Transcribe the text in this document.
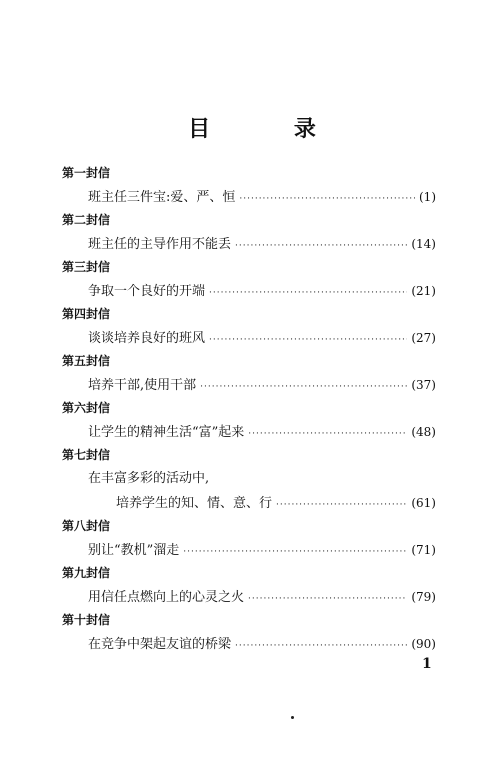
目 录
第一封信
班主任三件宝:爱、严、恒 ·····	(1)
第二封信
班主任的主导作用不能丢 ·····	(14)
第三封信
争取一个良好的开端 ·····	(21)
第四封信
谈谈培养良好的班风 ·····	(27)
第五封信
培养干部,使用干部 ·····	(37)
第六封信
让学生的精神生活“富”起来 ·····	(48)
第七封信
在丰富多彩的活动中,
培养学生的知、情、意、行 ·····	(61)
第八封信
别让“教机”溜走 ·····	(71)
第九封信
用信任点燃向上的心灵之火 ·····	(79)
第十封信
在竞争中架起友谊的桥梁 ·····	(90)
1
